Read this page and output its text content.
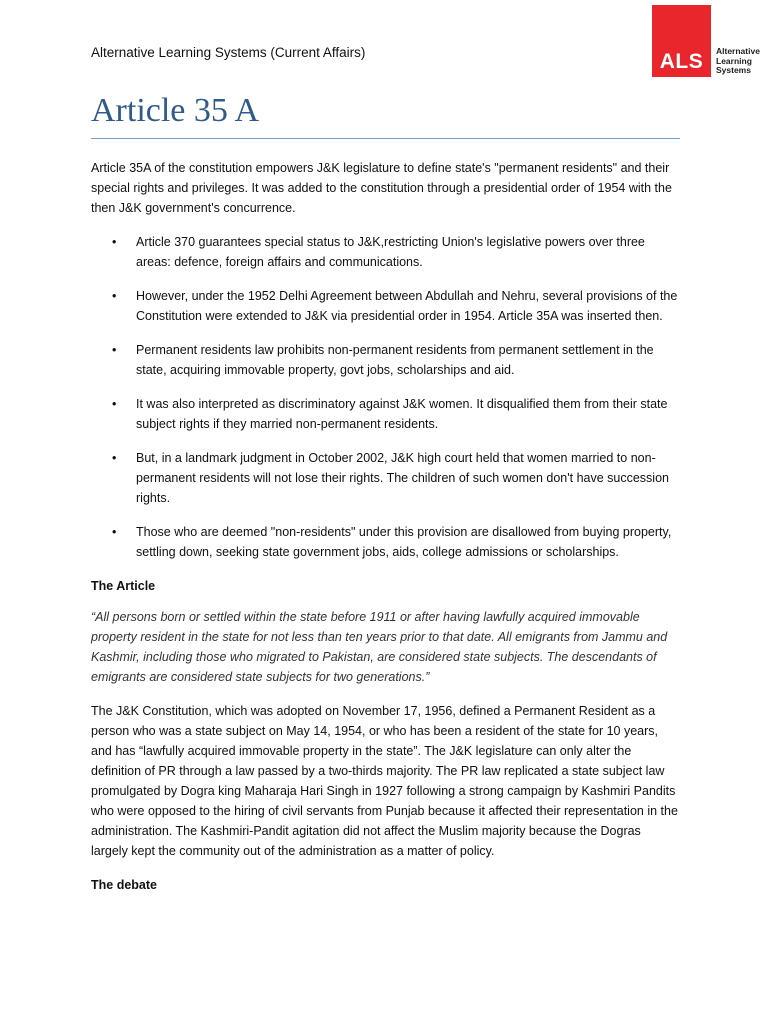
Alternative Learning Systems (Current Affairs)	ALS	Alternative
Learning
Systems
Article 35 A

Article 35A of the constitution empowers J&K legislature to define state's "permanent residents" and their special rights and privileges. It was added to the constitution through a presidential order of 1954 with the then J&K government's concurrence.

• Article 370 guarantees special status to J&K,restricting Union's legislative powers over three areas: defence, foreign affairs and communications.
• However, under the 1952 Delhi Agreement between Abdullah and Nehru, several provisions of the Constitution were extended to J&K via presidential order in 1954. Article 35A was inserted then.
• Permanent residents law prohibits non-permanent residents from permanent settlement in the state, acquiring immovable property, govt jobs, scholarships and aid.
• It was also interpreted as discriminatory against J&K women. It disqualified them from their state subject rights if they married non-permanent residents.
• But, in a landmark judgment in October 2002, J&K high court held that women married to non-permanent residents will not lose their rights. The children of such women don't have succession rights.
• Those who are deemed "non-residents" under this provision are disallowed from buying property, settling down, seeking state government jobs, aids, college admissions or scholarships.
The Article

“All persons born or settled within the state before 1911 or after having lawfully acquired immovable property resident in the state for not less than ten years prior to that date. All emigrants from Jammu and Kashmir, including those who migrated to Pakistan, are considered state subjects. The descendants of emigrants are considered state subjects for two generations.”

The J&K Constitution, which was adopted on November 17, 1956, defined a Permanent Resident as a person who was a state subject on May 14, 1954, or who has been a resident of the state for 10 years, and has “lawfully acquired immovable property in the state”. The J&K legislature can only alter the definition of PR through a law passed by a two-thirds majority. The PR law replicated a state subject law promulgated by Dogra king Maharaja Hari Singh in 1927 following a strong campaign by Kashmiri Pandits who were opposed to the hiring of civil servants from Punjab because it affected their representation in the administration. The Kashmiri-Pandit agitation did not affect the Muslim majority because the Dogras largely kept the community out of the administration as a matter of policy.

The debate
